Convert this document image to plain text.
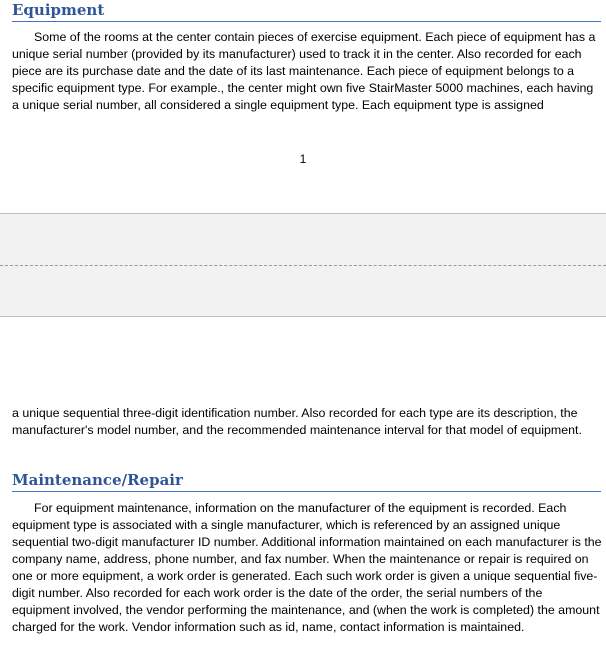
Equipment

Some of the rooms at the center contain pieces of exercise equipment. Each piece of equipment has a unique serial number (provided by its manufacturer) used to track it in the center. Also recorded for each piece are its purchase date and the date of its last maintenance. Each piece of equipment belongs to a specific equipment type. For example., the center might own five StairMaster 5000 machines, each having a unique serial number, all considered a single equipment type. Each equipment type is assigned

1

a unique sequential three-digit identification number. Also recorded for each type are its description, the manufacturer's model number, and the recommended maintenance interval for that model of equipment.

Maintenance/Repair

For equipment maintenance, information on the manufacturer of the equipment is recorded. Each equipment type is associated with a single manufacturer, which is referenced by an assigned unique sequential two-digit manufacturer ID number. Additional information maintained on each manufacturer is the company name, address, phone number, and fax number. When the maintenance or repair is required on one or more equipment, a work order is generated. Each such work order is given a unique sequential five-digit number. Also recorded for each work order is the date of the order, the serial numbers of the equipment involved, the vendor performing the maintenance, and (when the work is completed) the amount charged for the work. Vendor information such as id, name, contact information is maintained.
